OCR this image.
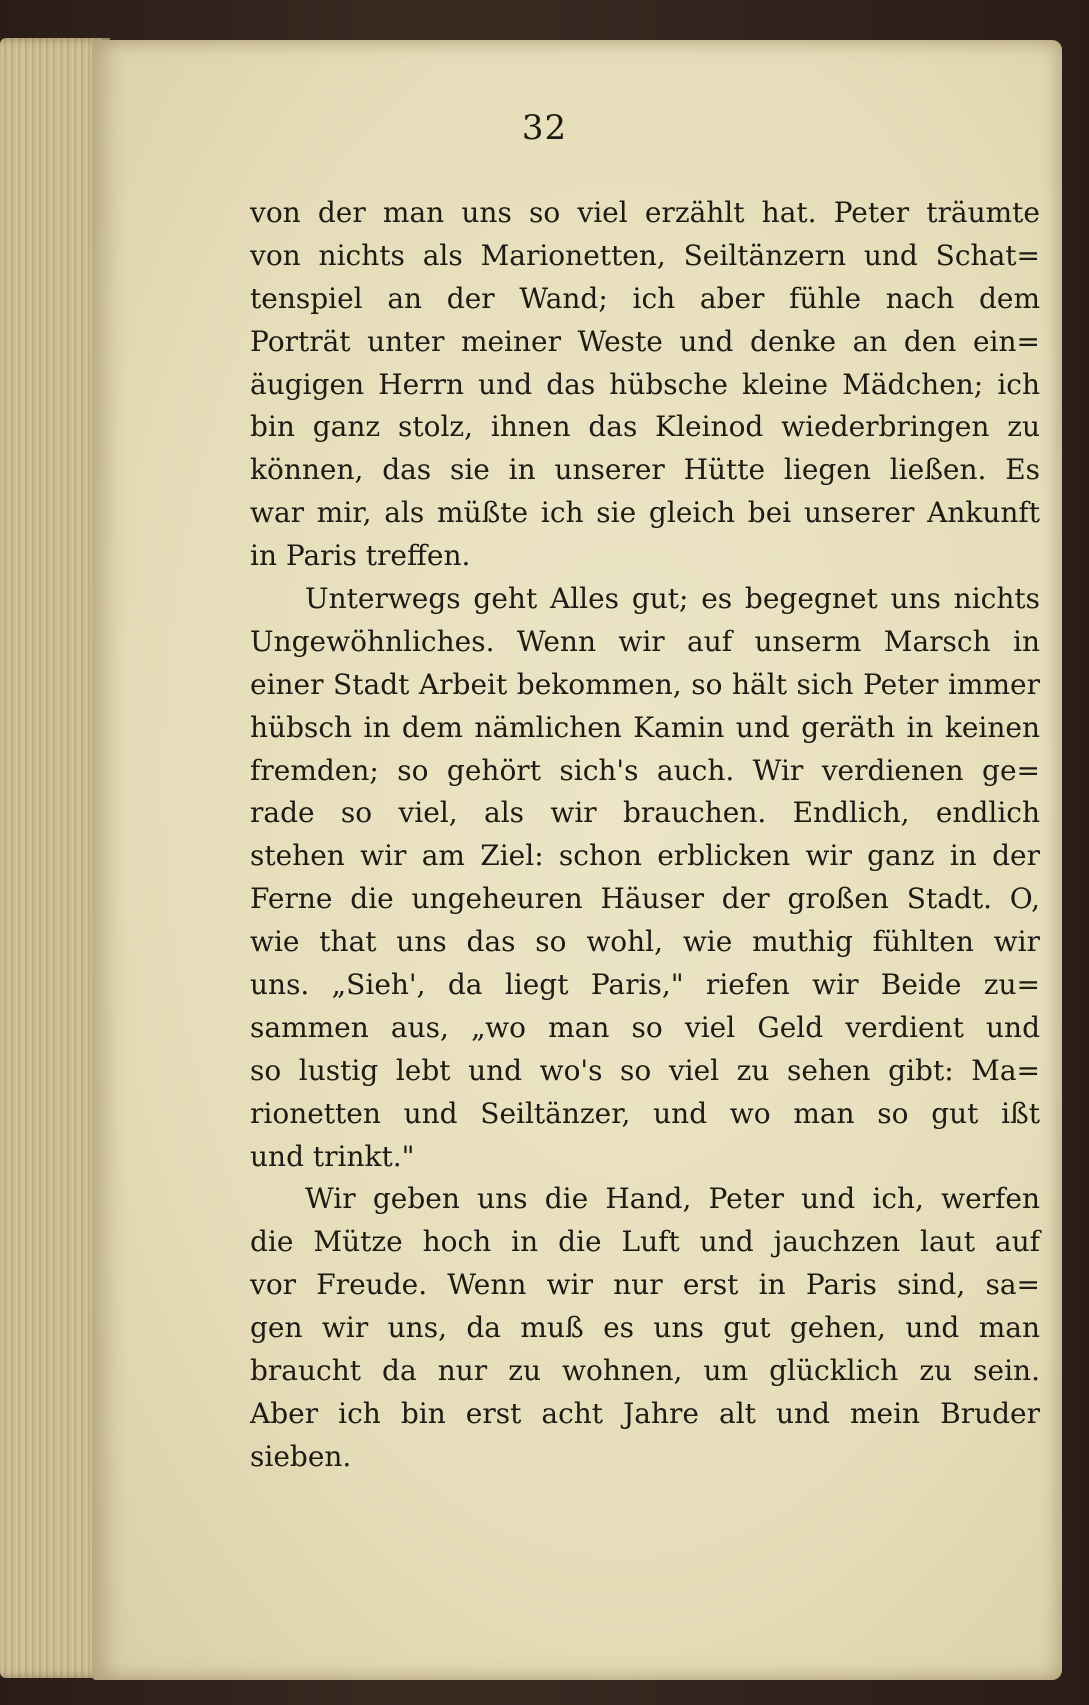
32
von der man uns so viel erzählt hat. Peter träumte
von nichts als Marionetten, Seiltänzern und Schat=
tenspiel an der Wand; ich aber fühle nach dem
Porträt unter meiner Weste und denke an den ein=
äugigen Herrn und das hübsche kleine Mädchen; ich
bin ganz stolz, ihnen das Kleinod wiederbringen zu
können, das sie in unserer Hütte liegen ließen. Es
war mir, als müßte ich sie gleich bei unserer Ankunft
in Paris treffen.
Unterwegs geht Alles gut; es begegnet uns nichts
Ungewöhnliches. Wenn wir auf unserm Marsch in
einer Stadt Arbeit bekommen, so hält sich Peter immer
hübsch in dem nämlichen Kamin und geräth in keinen
fremden; so gehört sich's auch. Wir verdienen ge=
rade so viel, als wir brauchen. Endlich, endlich
stehen wir am Ziel: schon erblicken wir ganz in der
Ferne die ungeheuren Häuser der großen Stadt. O,
wie that uns das so wohl, wie muthig fühlten wir
uns. „Sieh', da liegt Paris," riefen wir Beide zu=
sammen aus, „wo man so viel Geld verdient und
so lustig lebt und wo's so viel zu sehen gibt: Ma=
rionetten und Seiltänzer, und wo man so gut ißt
und trinkt."
Wir geben uns die Hand, Peter und ich, werfen
die Mütze hoch in die Luft und jauchzen laut auf
vor Freude. Wenn wir nur erst in Paris sind, sa=
gen wir uns, da muß es uns gut gehen, und man
braucht da nur zu wohnen, um glücklich zu sein.
Aber ich bin erst acht Jahre alt und mein Bruder
sieben.
